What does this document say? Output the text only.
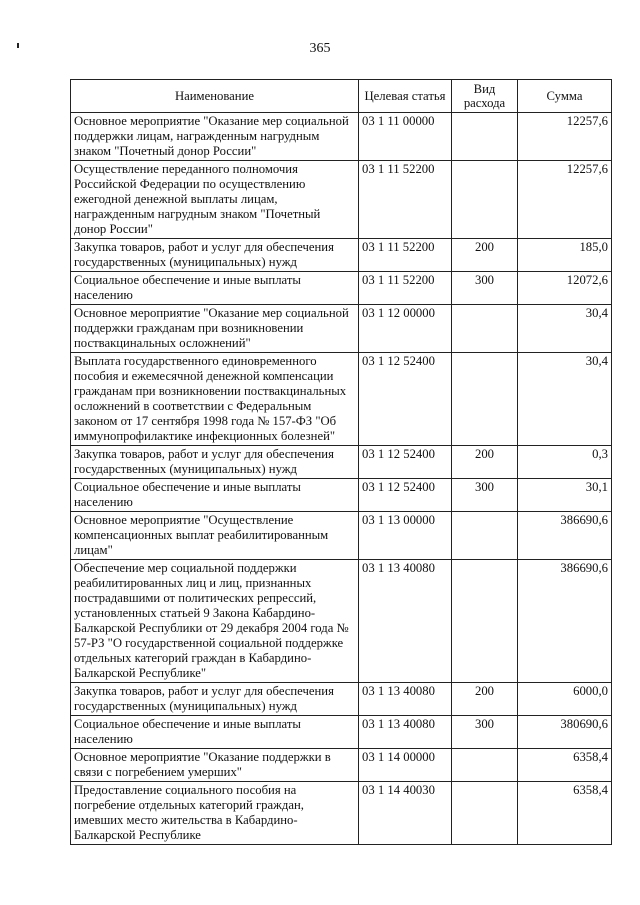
365
Наименование	Целевая статья	Вид расхода	Сумма
Основное мероприятие "Оказание мер социальной поддержки лицам, награжденным нагрудным знаком "Почетный донор России"	03 1 11 00000		12257,6
Осуществление переданного полномочия Российской Федерации по осуществлению ежегодной денежной выплаты лицам, награжденным нагрудным знаком "Почетный донор России"	03 1 11 52200		12257,6
Закупка товаров, работ и услуг для обеспечения государственных (муниципальных) нужд	03 1 11 52200	200	185,0
Социальное обеспечение и иные выплаты населению	03 1 11 52200	300	12072,6
Основное мероприятие "Оказание мер социальной поддержки гражданам при возникновении поствакцинальных осложнений"	03 1 12 00000		30,4
Выплата государственного единовременного пособия и ежемесячной денежной компенсации гражданам при возникновении поствакцинальных осложнений в соответствии с Федеральным законом от 17 сентября 1998 года № 157-ФЗ "Об иммунопрофилактике инфекционных болезней"	03 1 12 52400		30,4
Закупка товаров, работ и услуг для обеспечения государственных (муниципальных) нужд	03 1 12 52400	200	0,3
Социальное обеспечение и иные выплаты населению	03 1 12 52400	300	30,1
Основное мероприятие "Осуществление компенсационных выплат реабилитированным лицам"	03 1 13 00000		386690,6
Обеспечение мер социальной поддержки реабилитированных лиц и лиц, признанных пострадавшими от политических репрессий, установленных статьей 9 Закона Кабардино-Балкарской Республики от 29 декабря 2004 года № 57-РЗ "О государственной социальной поддержке отдельных категорий граждан в Кабардино-Балкарской Республике"	03 1 13 40080		386690,6
Закупка товаров, работ и услуг для обеспечения государственных (муниципальных) нужд	03 1 13 40080	200	6000,0
Социальное обеспечение и иные выплаты населению	03 1 13 40080	300	380690,6
Основное мероприятие "Оказание поддержки в связи с погребением умерших"	03 1 14 00000		6358,4
Предоставление социального пособия на погребение отдельных категорий граждан, имевших место жительства в Кабардино-Балкарской Республике	03 1 14 40030		6358,4
